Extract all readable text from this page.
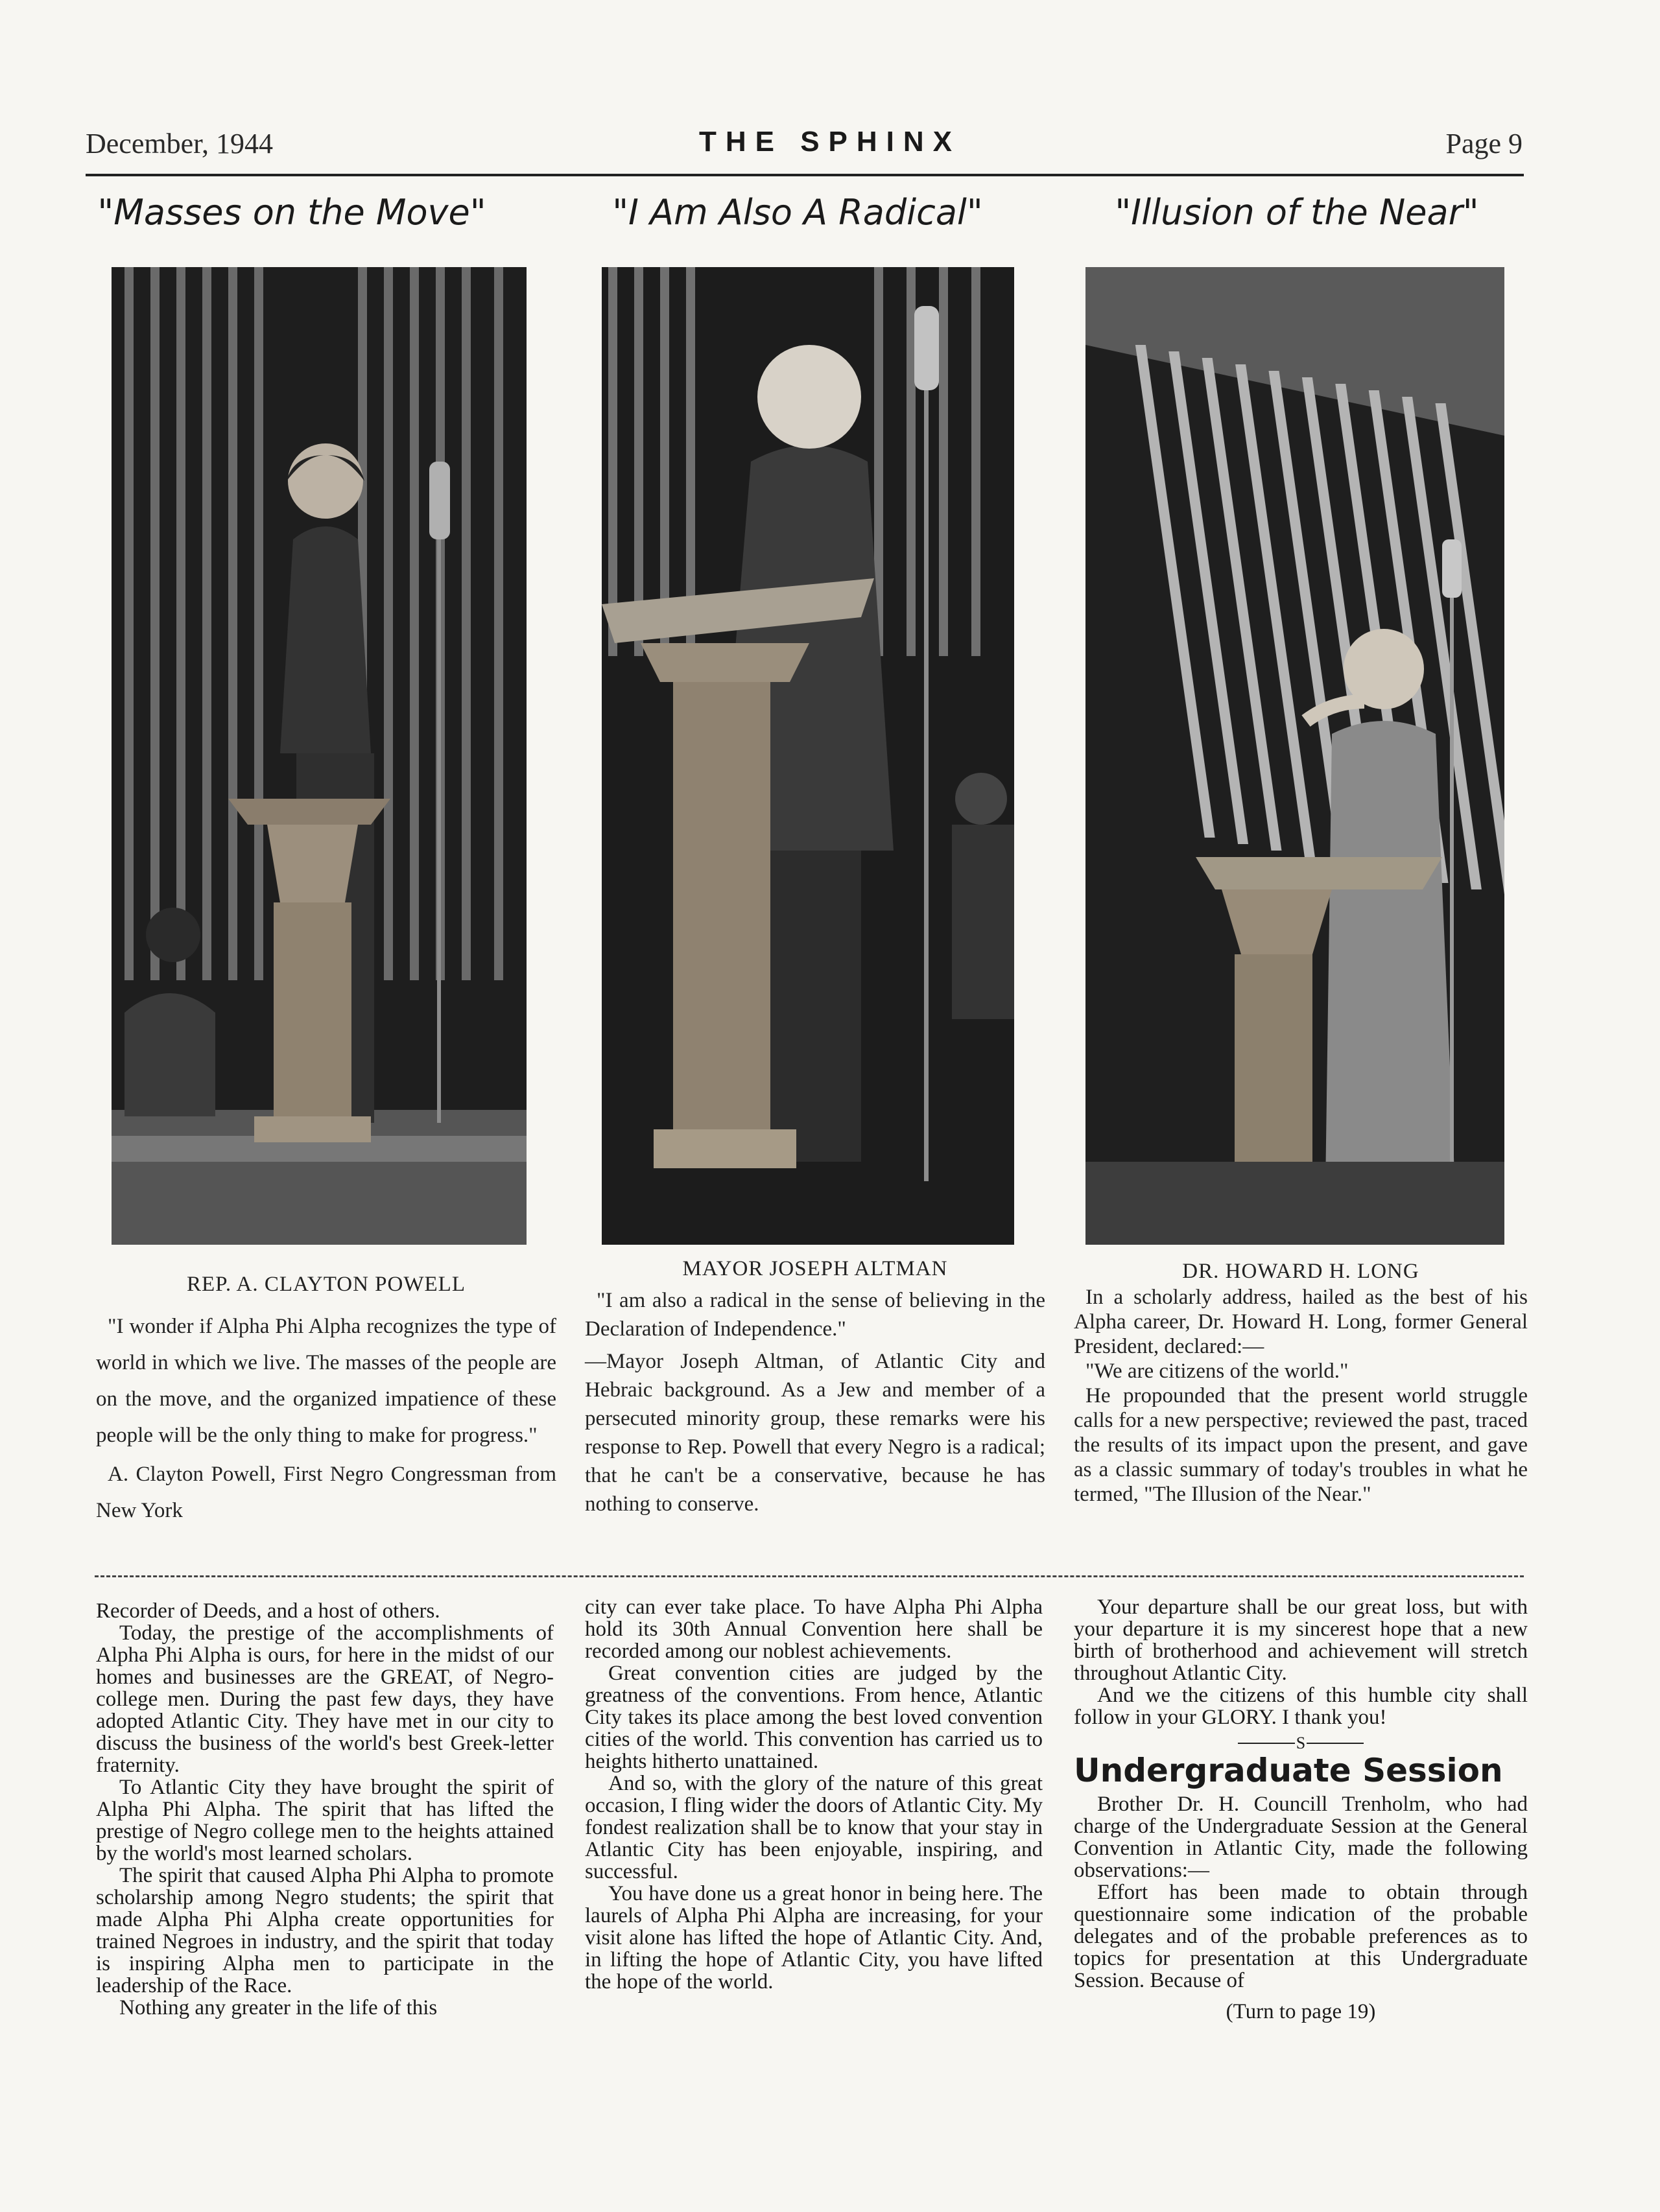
December, 1944	THE SPHINX	Page 9
"Masses on the Move"	"I Am Also A Radical"	"Illusion of the Near"
REP. A. CLAYTON POWELL

"I wonder if Alpha Phi Alpha recognizes the type of world in which we live. The masses of the people are on the move, and the organized impatience of these people will be the only thing to make for progress."

A. Clayton Powell, First Negro Congressman from New York

MAYOR JOSEPH ALTMAN

"I am also a radical in the sense of believing in the Declaration of Independence."

—Mayor Joseph Altman, of Atlantic City and Hebraic background. As a Jew and member of a persecuted minority group, these remarks were his response to Rep. Powell that every Negro is a radical; that he can't be a conservative, because he has nothing to conserve.

DR. HOWARD H. LONG

In a scholarly address, hailed as the best of his Alpha career, Dr. Howard H. Long, former General President, declared:—

"We are citizens of the world."

He propounded that the present world struggle calls for a new perspective; reviewed the past, traced the results of its impact upon the present, and gave as a classic summary of today's troubles in what he termed, "The Illusion of the Near."

Recorder of Deeds, and a host of others.

Today, the prestige of the accomplishments of Alpha Phi Alpha is ours, for here in the midst of our homes and businesses are the GREAT, of Negro-college men. During the past few days, they have adopted Atlantic City. They have met in our city to discuss the business of the world's best Greek-letter fraternity.

To Atlantic City they have brought the spirit of Alpha Phi Alpha. The spirit that has lifted the prestige of Negro college men to the heights attained by the world's most learned scholars.

The spirit that caused Alpha Phi Alpha to promote scholarship among Negro students; the spirit that made Alpha Phi Alpha create opportunities for trained Negroes in industry, and the spirit that today is inspiring Alpha men to participate in the leadership of the Race.

Nothing any greater in the life of this

city can ever take place. To have Alpha Phi Alpha hold its 30th Annual Convention here shall be recorded among our noblest achievements.

Great convention cities are judged by the greatness of the conventions. From hence, Atlantic City takes its place among the best loved convention cities of the world. This convention has carried us to heights hitherto unattained.

And so, with the glory of the nature of this great occasion, I fling wider the doors of Atlantic City. My fondest realization shall be to know that your stay in Atlantic City has been enjoyable, inspiring, and successful.

You have done us a great honor in being here. The laurels of Alpha Phi Alpha are increasing, for your visit alone has lifted the hope of Atlantic City. And, in lifting the hope of Atlantic City, you have lifted the hope of the world.

Your departure shall be our great loss, but with your departure it is my sincerest hope that a new birth of brotherhood and achievement will stretch throughout Atlantic City.

And we the citizens of this humble city shall follow in your GLORY. I thank you!

S
Undergraduate Session

Brother Dr. H. Councill Trenholm, who had charge of the Undergraduate Session at the General Convention in Atlantic City, made the following observations:—

Effort has been made to obtain through questionnaire some indication of the probable delegates and of the probable preferences as to topics for presentation at this Undergraduate Session. Because of

(Turn to page 19)
